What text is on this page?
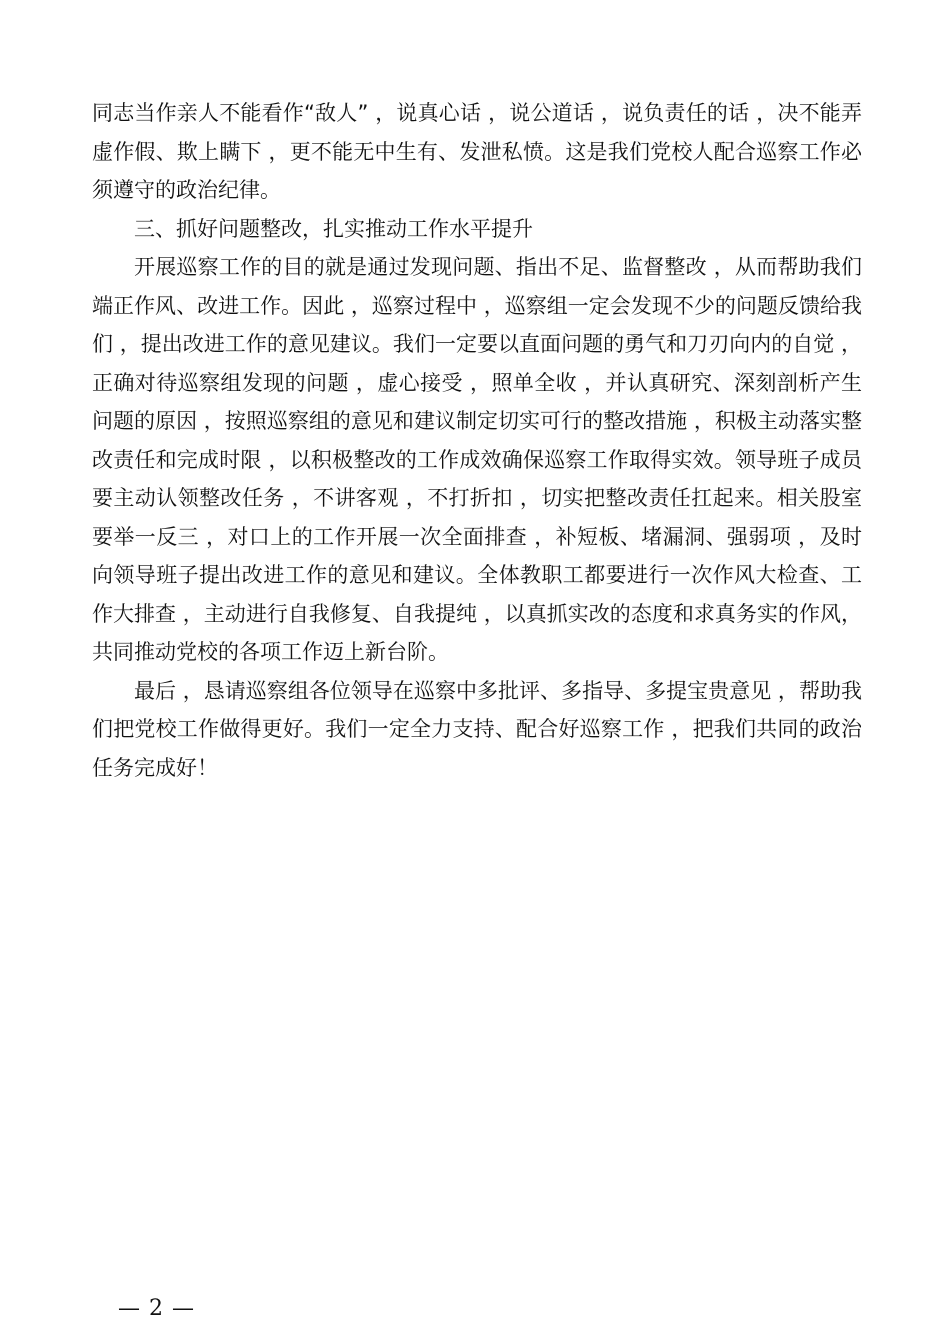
同志当作亲人不能看作“敌人” ，说真心话 ，说公道话 ，说负责任的话 ，决不能弄虚作假、欺上瞒下 ，更不能无中生有、发泄私愤。这是我们党校人配合巡察工作必须遵守的政治纪律。

三、抓好问题整改，扎实推动工作水平提升

开展巡察工作的目的就是通过发现问题、指出不足、监督整改 ，从而帮助我们端正作风、改进工作。因此 ，巡察过程中 ，巡察组一定会发现不少的问题反馈给我们 ，提出改进工作的意见建议。我们一定要以直面问题的勇气和刀刃向内的自觉 ，正确对待巡察组发现的问题 ，虚心接受 ，照单全收 ，并认真研究、深刻剖析产生问题的原因 ，按照巡察组的意见和建议制定切实可行的整改措施 ，积极主动落实整改责任和完成时限 ，以积极整改的工作成效确保巡察工作取得实效。领导班子成员要主动认领整改任务 ，不讲客观 ，不打折扣 ，切实把整改责任扛起来。相关股室要举一反三 ，对口上的工作开展一次全面排查 ，补短板、堵漏洞、强弱项 ，及时向领导班子提出改进工作的意见和建议。全体教职工都要进行一次作风大检查、工作大排查 ，主动进行自我修复、自我提纯 ，以真抓实改的态度和求真务实的作风，共同推动党校的各项工作迈上新台阶。

最后 ，恳请巡察组各位领导在巡察中多批评、多指导、多提宝贵意见 ，帮助我们把党校工作做得更好。我们一定全力支持、配合好巡察工作 ，把我们共同的政治任务完成好！

— 2 —
